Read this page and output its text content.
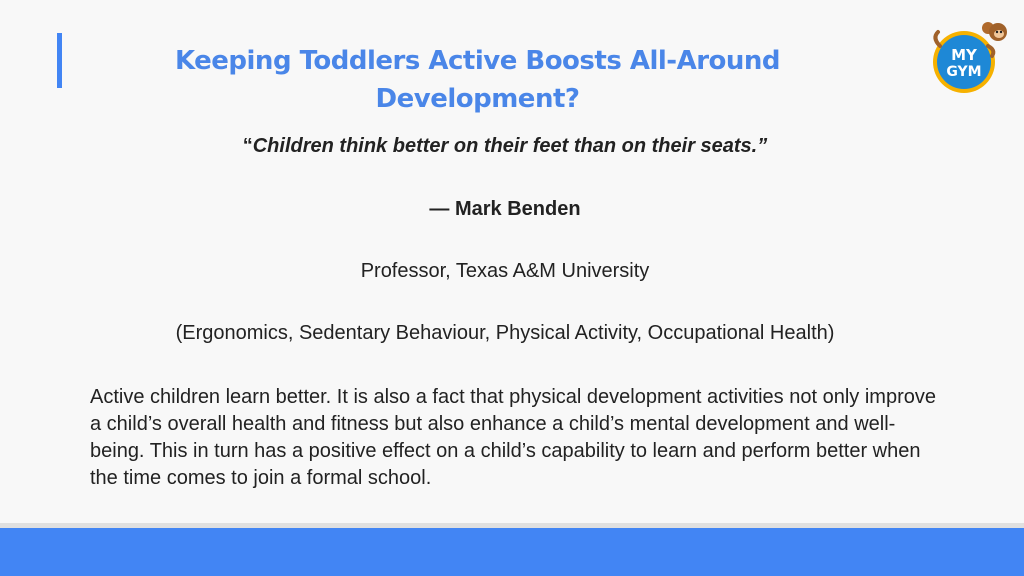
Keeping Toddlers Active Boosts All-Around Development?
MY
GYM
“Children think better on their feet than on their seats.”
— Mark Benden
Professor, Texas A&M University
(Ergonomics, Sedentary Behaviour, Physical Activity, Occupational Health)
Active children learn better. It is also a fact that physical development activities not only improve a child’s overall health and fitness but also enhance a child’s mental development and well-being. This in turn has a positive effect on a child’s capability to learn and perform better when the time comes to join a formal school.
